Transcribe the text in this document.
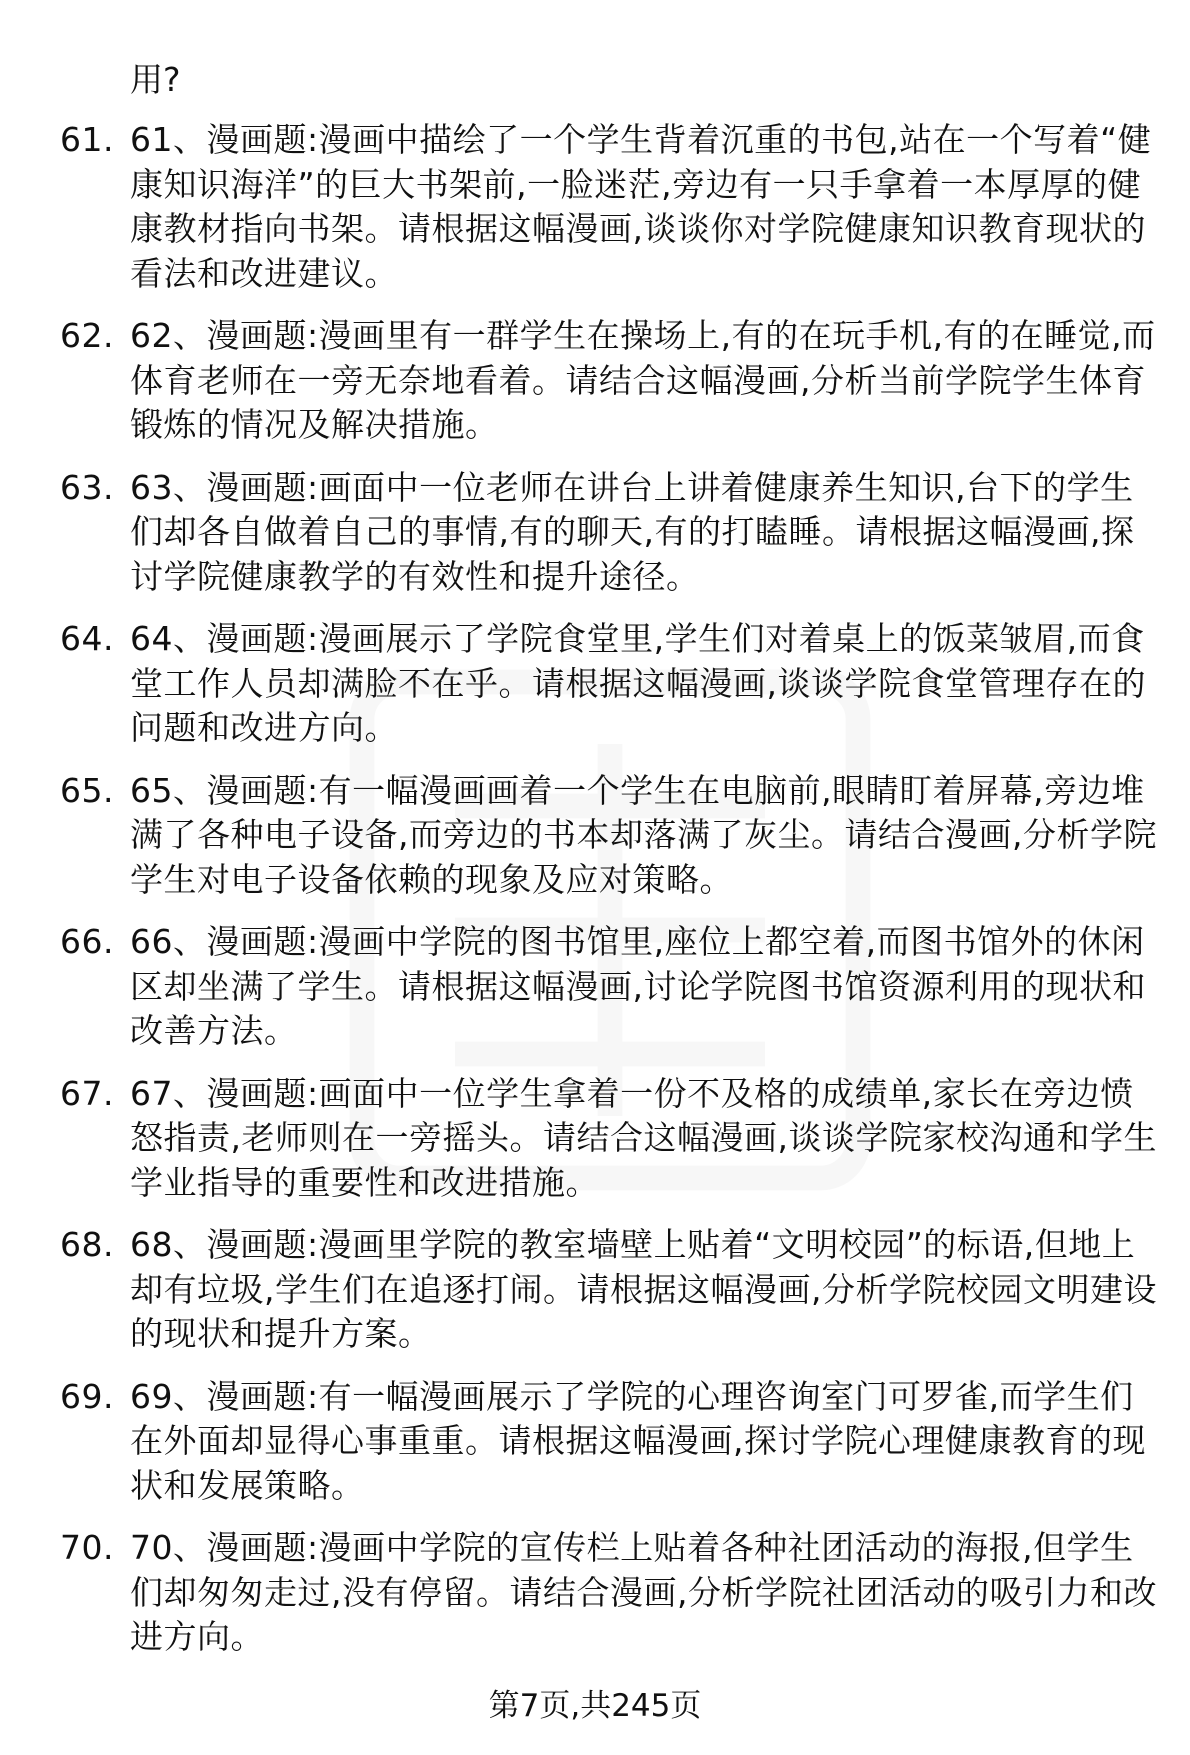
用?

61. 61、漫画题:漫画中描绘了一个学生背着沉重的书包,站在一个写着“健康知识海洋”的巨大书架前,一脸迷茫,旁边有一只手拿着一本厚厚的健康教材指向书架。请根据这幅漫画,谈谈你对学院健康知识教育现状的看法和改进建议。
62. 62、漫画题:漫画里有一群学生在操场上,有的在玩手机,有的在睡觉,而体育老师在一旁无奈地看着。请结合这幅漫画,分析当前学院学生体育锻炼的情况及解决措施。
63. 63、漫画题:画面中一位老师在讲台上讲着健康养生知识,台下的学生们却各自做着自己的事情,有的聊天,有的打瞌睡。请根据这幅漫画,探讨学院健康教学的有效性和提升途径。
64. 64、漫画题:漫画展示了学院食堂里,学生们对着桌上的饭菜皱眉,而食堂工作人员却满脸不在乎。请根据这幅漫画,谈谈学院食堂管理存在的问题和改进方向。
65. 65、漫画题:有一幅漫画画着一个学生在电脑前,眼睛盯着屏幕,旁边堆满了各种电子设备,而旁边的书本却落满了灰尘。请结合漫画,分析学院学生对电子设备依赖的现象及应对策略。
66. 66、漫画题:漫画中学院的图书馆里,座位上都空着,而图书馆外的休闲区却坐满了学生。请根据这幅漫画,讨论学院图书馆资源利用的现状和改善方法。
67. 67、漫画题:画面中一位学生拿着一份不及格的成绩单,家长在旁边愤怒指责,老师则在一旁摇头。请结合这幅漫画,谈谈学院家校沟通和学生学业指导的重要性和改进措施。
68. 68、漫画题:漫画里学院的教室墙壁上贴着“文明校园”的标语,但地上却有垃圾,学生们在追逐打闹。请根据这幅漫画,分析学院校园文明建设的现状和提升方案。
69. 69、漫画题:有一幅漫画展示了学院的心理咨询室门可罗雀,而学生们在外面却显得心事重重。请根据这幅漫画,探讨学院心理健康教育的现状和发展策略。
70. 70、漫画题:漫画中学院的宣传栏上贴着各种社团活动的海报,但学生们却匆匆走过,没有停留。请结合漫画,分析学院社团活动的吸引力和改进方向。
第7页,共245页
